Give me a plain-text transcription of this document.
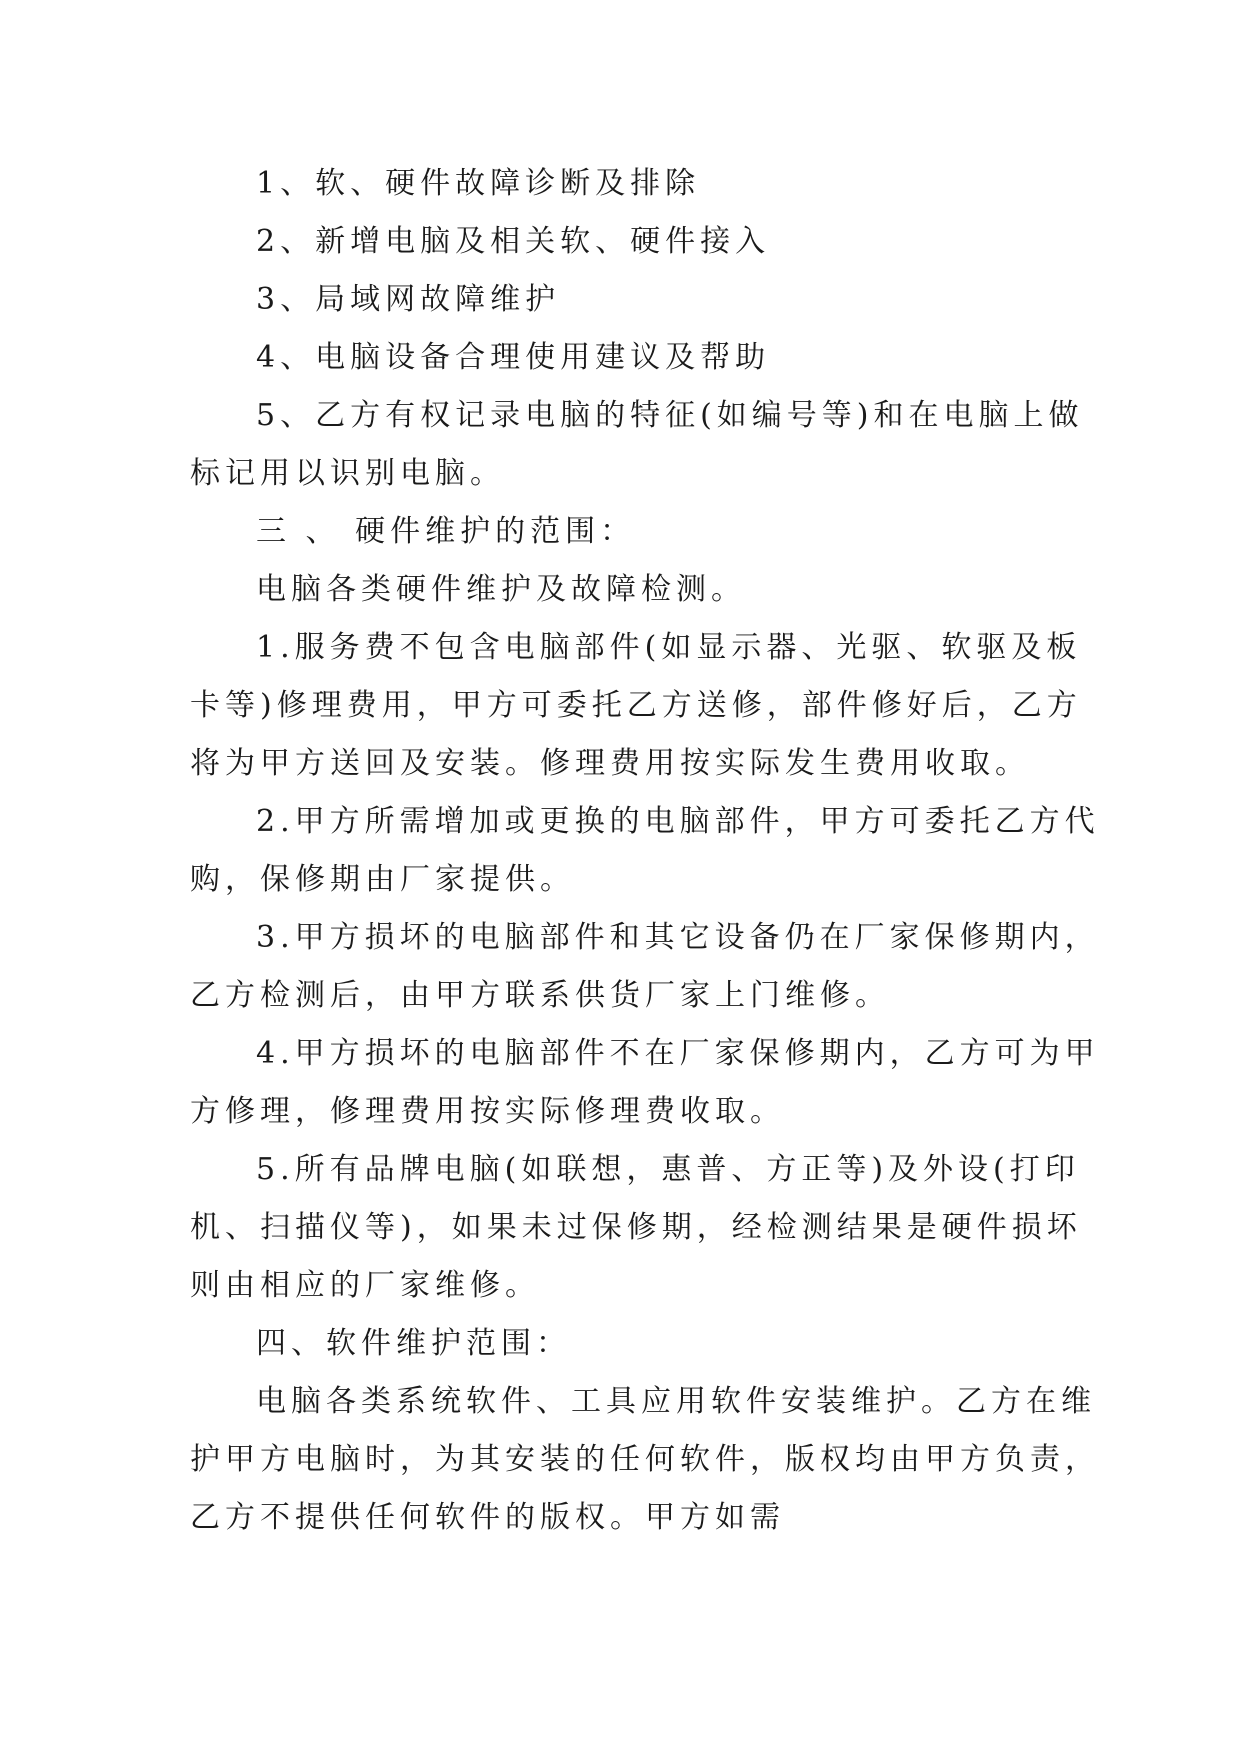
1、软、硬件故障诊断及排除
2、新增电脑及相关软、硬件接入
3、局域网故障维护
4、电脑设备合理使用建议及帮助
5、乙方有权记录电脑的特征(如编号等)和在电脑上做
标记用以识别电脑。
三 、 硬件维护的范围：
电脑各类硬件维护及故障检测。
1.服务费不包含电脑部件(如显示器、光驱、软驱及板
卡等)修理费用，甲方可委托乙方送修，部件修好后，乙方
将为甲方送回及安装。修理费用按实际发生费用收取。
2.甲方所需增加或更换的电脑部件，甲方可委托乙方代
购，保修期由厂家提供。
3.甲方损坏的电脑部件和其它设备仍在厂家保修期内，
乙方检测后，由甲方联系供货厂家上门维修。
4.甲方损坏的电脑部件不在厂家保修期内，乙方可为甲
方修理，修理费用按实际修理费收取。
5.所有品牌电脑(如联想，惠普、方正等)及外设(打印
机、扫描仪等)，如果未过保修期，经检测结果是硬件损坏
则由相应的厂家维修。
四、软件维护范围：
电脑各类系统软件、工具应用软件安装维护。乙方在维
护甲方电脑时，为其安装的任何软件，版权均由甲方负责，
乙方不提供任何软件的版权。甲方如需
